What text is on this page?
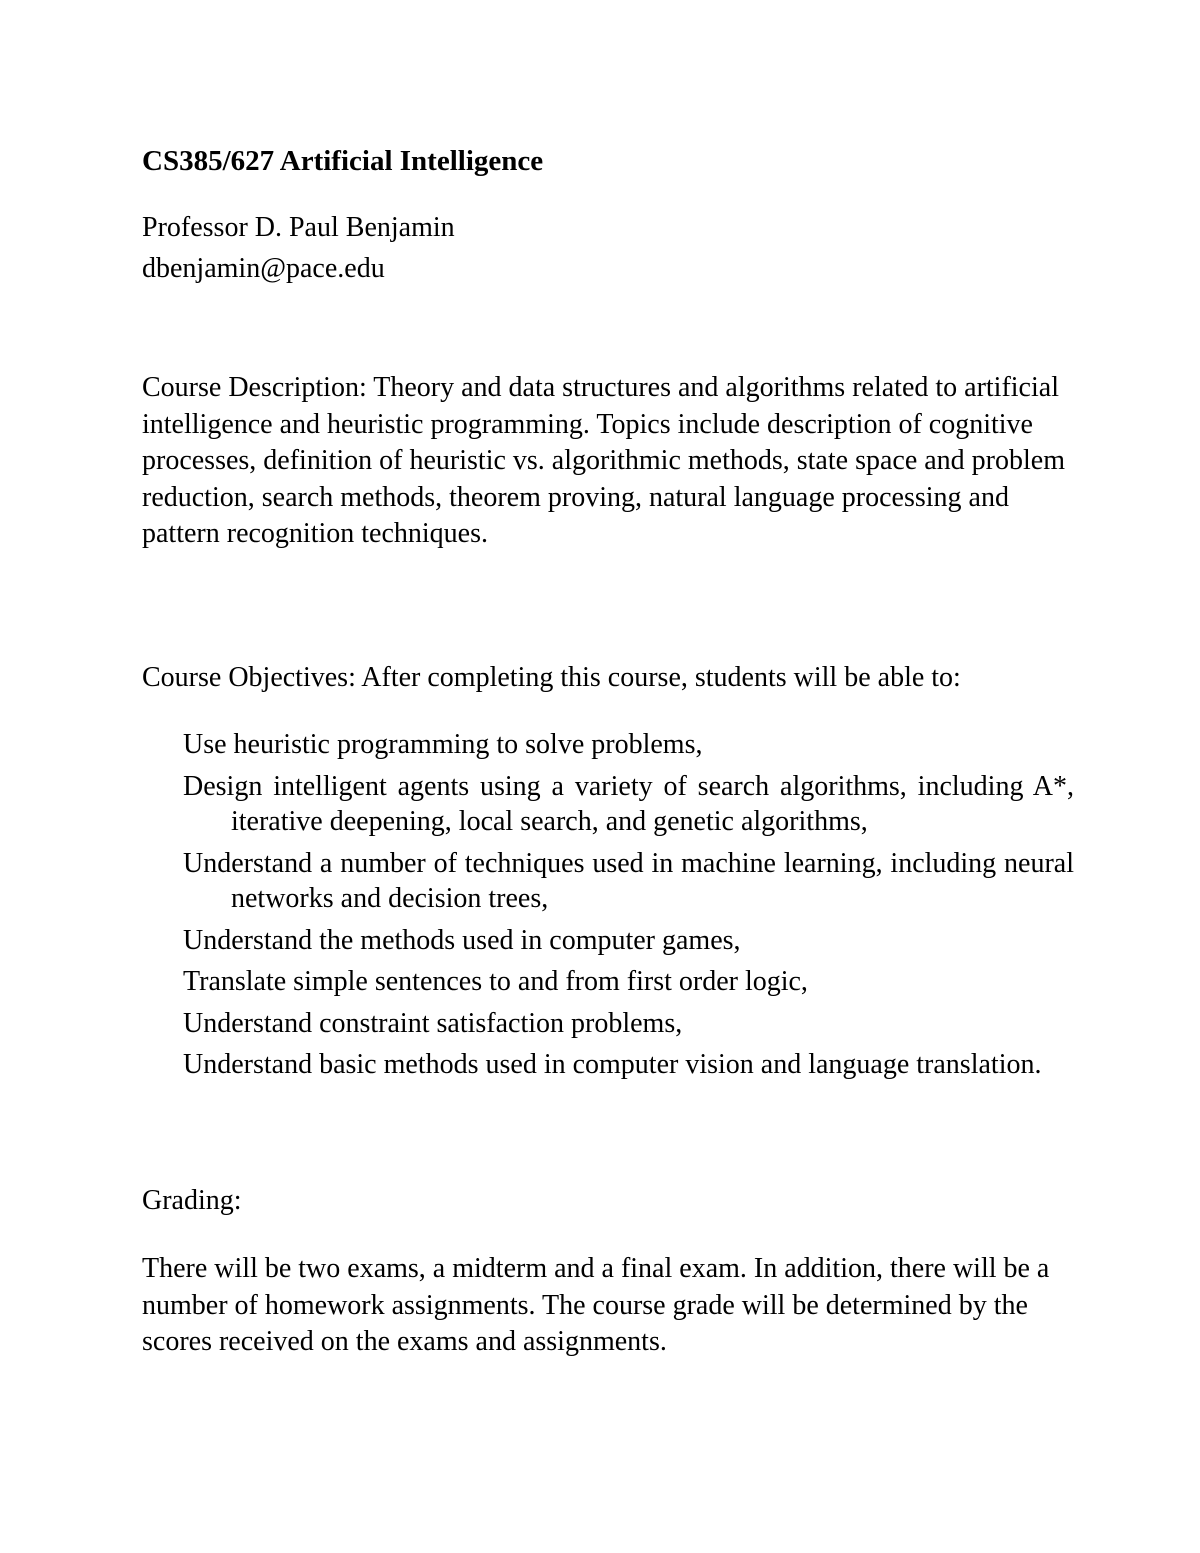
CS385/627 Artificial Intelligence

Professor D. Paul Benjamin

dbenjamin@pace.edu

Course Description: Theory and data structures and algorithms related to artificial intelligence and heuristic programming. Topics include description of cognitive processes, definition of heuristic vs. algorithmic methods, state space and problem reduction, search methods, theorem proving, natural language processing and pattern recognition techniques.

Course Objectives: After completing this course, students will be able to:

Use heuristic programming to solve problems,
Design intelligent agents using a variety of search algorithms, including A*, iterative deepening, local search, and genetic algorithms,
Understand a number of techniques used in machine learning, including neural networks and decision trees,
Understand the methods used in computer games,
Translate simple sentences to and from first order logic,
Understand constraint satisfaction problems,
Understand basic methods used in computer vision and language translation.

Grading:

There will be two exams, a midterm and a final exam. In addition, there will be a number of homework assignments. The course grade will be determined by the scores received on the exams and assignments.
